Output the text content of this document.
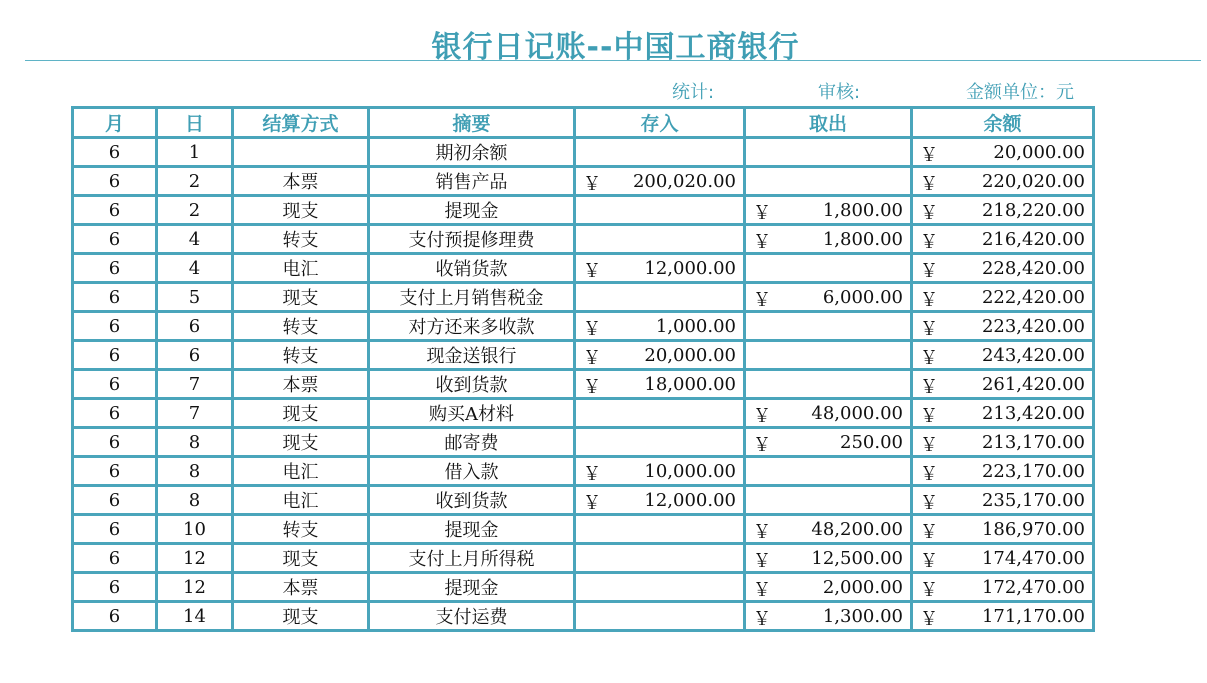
银行日记账--中国工商银行
统计:	审核:	金额单位：元
月	日	结算方式	摘要	存入	取出	余额
6	1		期初余额			￥ 20,000.00

6	2	本票	销售产品	￥ 200,020.00		￥ 220,020.00

6	2	现支	提现金		￥ 1,800.00	￥ 218,220.00

6	4	转支	支付预提修理费		￥ 1,800.00	￥ 216,420.00

6	4	电汇	收销货款	￥ 12,000.00		￥ 228,420.00

6	5	现支	支付上月销售税金		￥ 6,000.00	￥ 222,420.00

6	6	转支	对方还来多收款	￥ 1,000.00		￥ 223,420.00

6	6	转支	现金送银行	￥ 20,000.00		￥ 243,420.00

6	7	本票	收到货款	￥ 18,000.00		￥ 261,420.00

6	7	现支	购买A材料		￥ 48,000.00	￥ 213,420.00

6	8	现支	邮寄费		￥ 250.00	￥ 213,170.00

6	8	电汇	借入款	￥ 10,000.00		￥ 223,170.00

6	8	电汇	收到货款	￥ 12,000.00		￥ 235,170.00

6	10	转支	提现金		￥ 48,200.00	￥ 186,970.00

6	12	现支	支付上月所得税		￥ 12,500.00	￥ 174,470.00

6	12	本票	提现金		￥ 2,000.00	￥ 172,470.00

6	14	现支	支付运费		￥ 1,300.00	￥ 171,170.00
